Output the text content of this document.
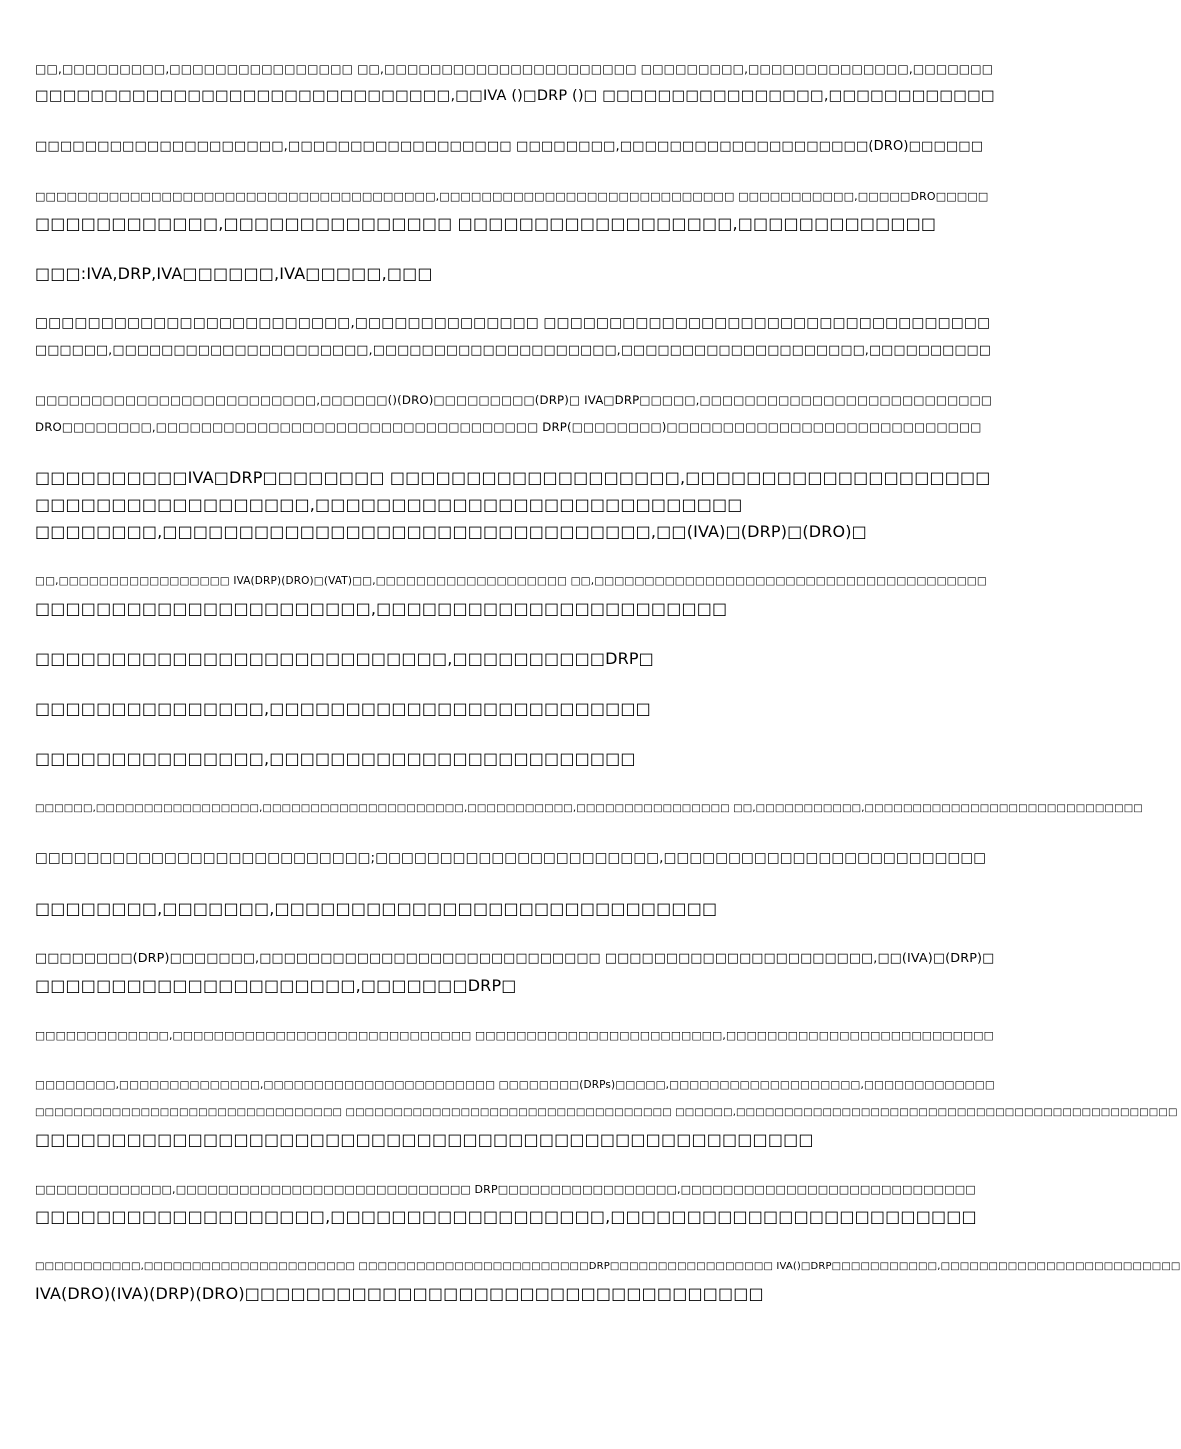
□□,□□□□□□□□□,□□□□□□□□□□□□□□□□ □□,□□□□□□□□□□□□□□□□□□□□□□ □□□□□□□□□,□□□□□□□□□□□□□□,□□□□□□□
□□□□□□□□□□□□□□□□□□□□□□□□□□□□□□,□□IVA ()□DRP ()□ □□□□□□□□□□□□□□□□,□□□□□□□□□□□□
□□□□□□□□□□□□□□□□□□□□,□□□□□□□□□□□□□□□□□□ □□□□□□□□,□□□□□□□□□□□□□□□□□□□□(DRO)□□□□□□
□□□□□□□□□□□□□□□□□□□□□□□□□□□□□□□□□□□□□□,□□□□□□□□□□□□□□□□□□□□□□□□□□□□ □□□□□□□□□□□,□□□□□DRO□□□□□
□□□□□□□□□□□□,□□□□□□□□□□□□□□□ □□□□□□□□□□□□□□□□□□,□□□□□□□□□□□□□
□□□:IVA,DRP,IVA□□□□□□,IVA□□□□□,□□□
□□□□□□□□□□□□□□□□□□□□□□□□,□□□□□□□□□□□□□□ □□□□□□□□□□□□□□□□□□□□□□□□□□□□□□□□□□
□□□□□□,□□□□□□□□□□□□□□□□□□□□□,□□□□□□□□□□□□□□□□□□□□,□□□□□□□□□□□□□□□□□□□□,□□□□□□□□□□
□□□□□□□□□□□□□□□□□□□□□□□□□,□□□□□□()(DRO)□□□□□□□□□(DRP)□ IVA□DRP□□□□□,□□□□□□□□□□□□□□□□□□□□□□□□□□
DRO□□□□□□□□,□□□□□□□□□□□□□□□□□□□□□□□□□□□□□□□□□□ DRP(□□□□□□□□)□□□□□□□□□□□□□□□□□□□□□□□□□□□□
□□□□□□□□□□IVA□DRP□□□□□□□□ □□□□□□□□□□□□□□□□□□□,□□□□□□□□□□□□□□□□□□□□
□□□□□□□□□□□□□□□□□□,□□□□□□□□□□□□□□□□□□□□□□□□□□□□
□□□□□□□□,□□□□□□□□□□□□□□□□□□□□□□□□□□□□□□□□,□□(IVA)□(DRP)□(DRO)□
□□,□□□□□□□□□□□□□□□□□ IVA(DRP)(DRO)□(VAT)□□,□□□□□□□□□□□□□□□□□□□ □□,□□□□□□□□□□□□□□□□□□□□□□□□□□□□□□□□□□□□□□□
□□□□□□□□□□□□□□□□□□□□□□,□□□□□□□□□□□□□□□□□□□□□□□
□□□□□□□□□□□□□□□□□□□□□□□□□□□,□□□□□□□□□□DRP□
□□□□□□□□□□□□□□□,□□□□□□□□□□□□□□□□□□□□□□□□□
□□□□□□□□□□□□□□□,□□□□□□□□□□□□□□□□□□□□□□□□
□□□□□□,□□□□□□□□□□□□□□□□□,□□□□□□□□□□□□□□□□□□□□□,□□□□□□□□□□□,□□□□□□□□□□□□□□□□ □□,□□□□□□□□□□□,□□□□□□□□□□□□□□□□□□□□□□□□□□□□□
□□□□□□□□□□□□□□□□□□□□□□□□□□;□□□□□□□□□□□□□□□□□□□□□□,□□□□□□□□□□□□□□□□□□□□□□□□□
□□□□□□□□,□□□□□□□,□□□□□□□□□□□□□□□□□□□□□□□□□□□□□
□□□□□□□□(DRP)□□□□□□□,□□□□□□□□□□□□□□□□□□□□□□□□□□□□ □□□□□□□□□□□□□□□□□□□□□□,□□(IVA)□(DRP)□
□□□□□□□□□□□□□□□□□□□□□,□□□□□□□DRP□
□□□□□□□□□□□□□,□□□□□□□□□□□□□□□□□□□□□□□□□□□□□ □□□□□□□□□□□□□□□□□□□□□□□□,□□□□□□□□□□□□□□□□□□□□□□□□□□
□□□□□□□□,□□□□□□□□□□□□□□,□□□□□□□□□□□□□□□□□□□□□□□ □□□□□□□□(DRPs)□□□□□,□□□□□□□□□□□□□□□□□□□,□□□□□□□□□□□□□
□□□□□□□□□□□□□□□□□□□□□□□□□□□□□□□□ □□□□□□□□□□□□□□□□□□□□□□□□□□□□□□□□□□ □□□□□□,□□□□□□□□□□□□□□□□□□□□□□□□□□□□□□□□□□□□□□□□□□□□□□
□□□□□□□□□□□□□□□□□□□□□□□□□□□□□□□□□□□□□□□□□□□□□□□□□□□
□□□□□□□□□□□□□,□□□□□□□□□□□□□□□□□□□□□□□□□□□□ DRP□□□□□□□□□□□□□□□□□,□□□□□□□□□□□□□□□□□□□□□□□□□□□□
□□□□□□□□□□□□□□□□□□□,□□□□□□□□□□□□□□□□□□,□□□□□□□□□□□□□□□□□□□□□□□□
□□□□□□□□□□□,□□□□□□□□□□□□□□□□□□□□□□ □□□□□□□□□□□□□□□□□□□□□□□□DRP□□□□□□□□□□□□□□□□□ IVA()□DRP□□□□□□□□□□□,□□□□□□□□□□□□□□□□□□□□□□□□□
IVA(DRO)(IVA)(DRP)(DRO)□□□□□□□□□□□□□□□□□□□□□□□□□□□□□□□□□□
